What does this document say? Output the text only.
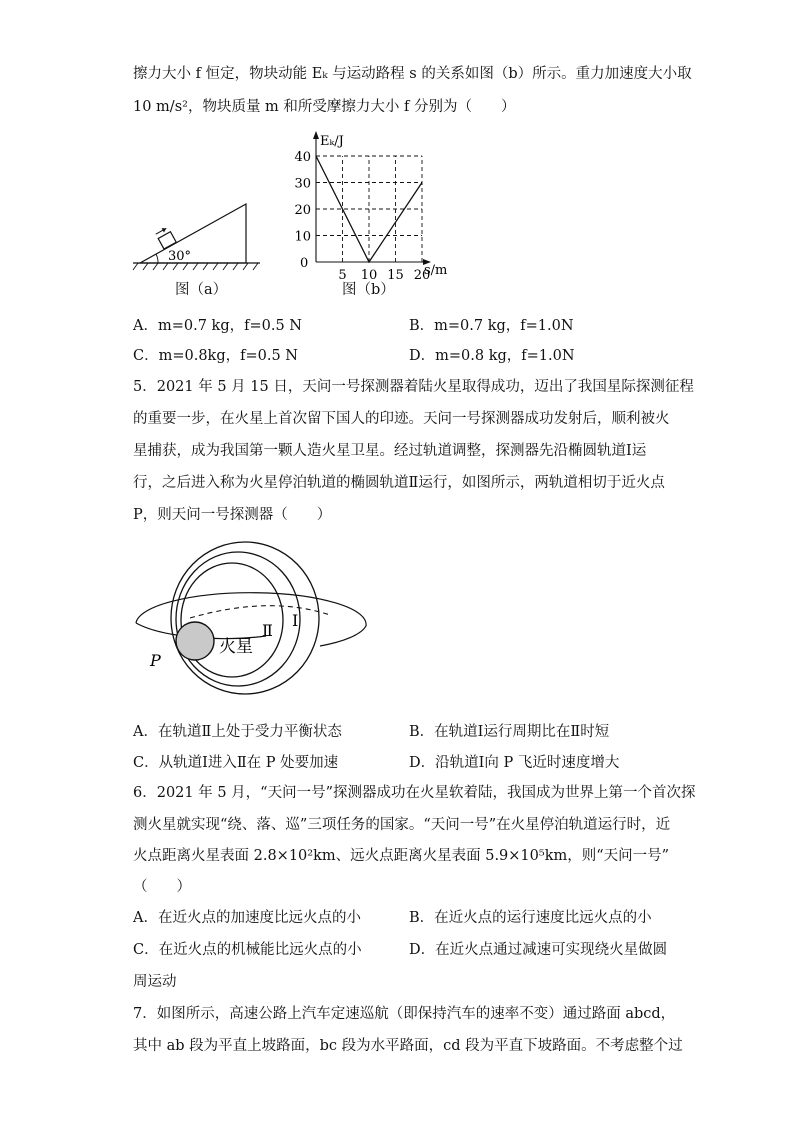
擦力大小 f 恒定，物块动能 Eₖ 与运动路程 s 的关系如图（b）所示。重力加速度大小取
10 m/s²，物块质量 m 和所受摩擦力大小 f 分别为（　　）
30°
图（a）
Eₖ/J
s/m
0
10
20
30
40
5 10 15 20
图（b）
A．m=0.7 kg，f=0.5 N	B．m=0.7 kg，f=1.0N
C．m=0.8kg，f=0.5 N	D．m=0.8 kg，f=1.0N
5．2021 年 5 月 15 日，天问一号探测器着陆火星取得成功，迈出了我国星际探测征程
的重要一步，在火星上首次留下国人的印迹。天问一号探测器成功发射后，顺利被火
星捕获，成为我国第一颗人造火星卫星。经过轨道调整，探测器先沿椭圆轨道Ⅰ运
行，之后进入称为火星停泊轨道的椭圆轨道Ⅱ运行，如图所示，两轨道相切于近火点
P，则天问一号探测器（　　）
火星
Ⅱ
Ⅰ
P
A．在轨道Ⅱ上处于受力平衡状态	B．在轨道Ⅰ运行周期比在Ⅱ时短
C．从轨道Ⅰ进入Ⅱ在 P 处要加速	D．沿轨道Ⅰ向 P 飞近时速度增大
6．2021 年 5 月，“天问一号”探测器成功在火星软着陆，我国成为世界上第一个首次探
测火星就实现“绕、落、巡”三项任务的国家。“天问一号”在火星停泊轨道运行时，近
火点距离火星表面 2.8×10²km、远火点距离火星表面 5.9×10⁵km，则“天问一号”
（　　）
A．在近火点的加速度比远火点的小	B．在近火点的运行速度比远火点的小
C．在近火点的机械能比远火点的小	D．在近火点通过减速可实现绕火星做圆
周运动
7．如图所示，高速公路上汽车定速巡航（即保持汽车的速率不变）通过路面 abcd，
其中 ab 段为平直上坡路面，bc 段为水平路面，cd 段为平直下坡路面。不考虑整个过
